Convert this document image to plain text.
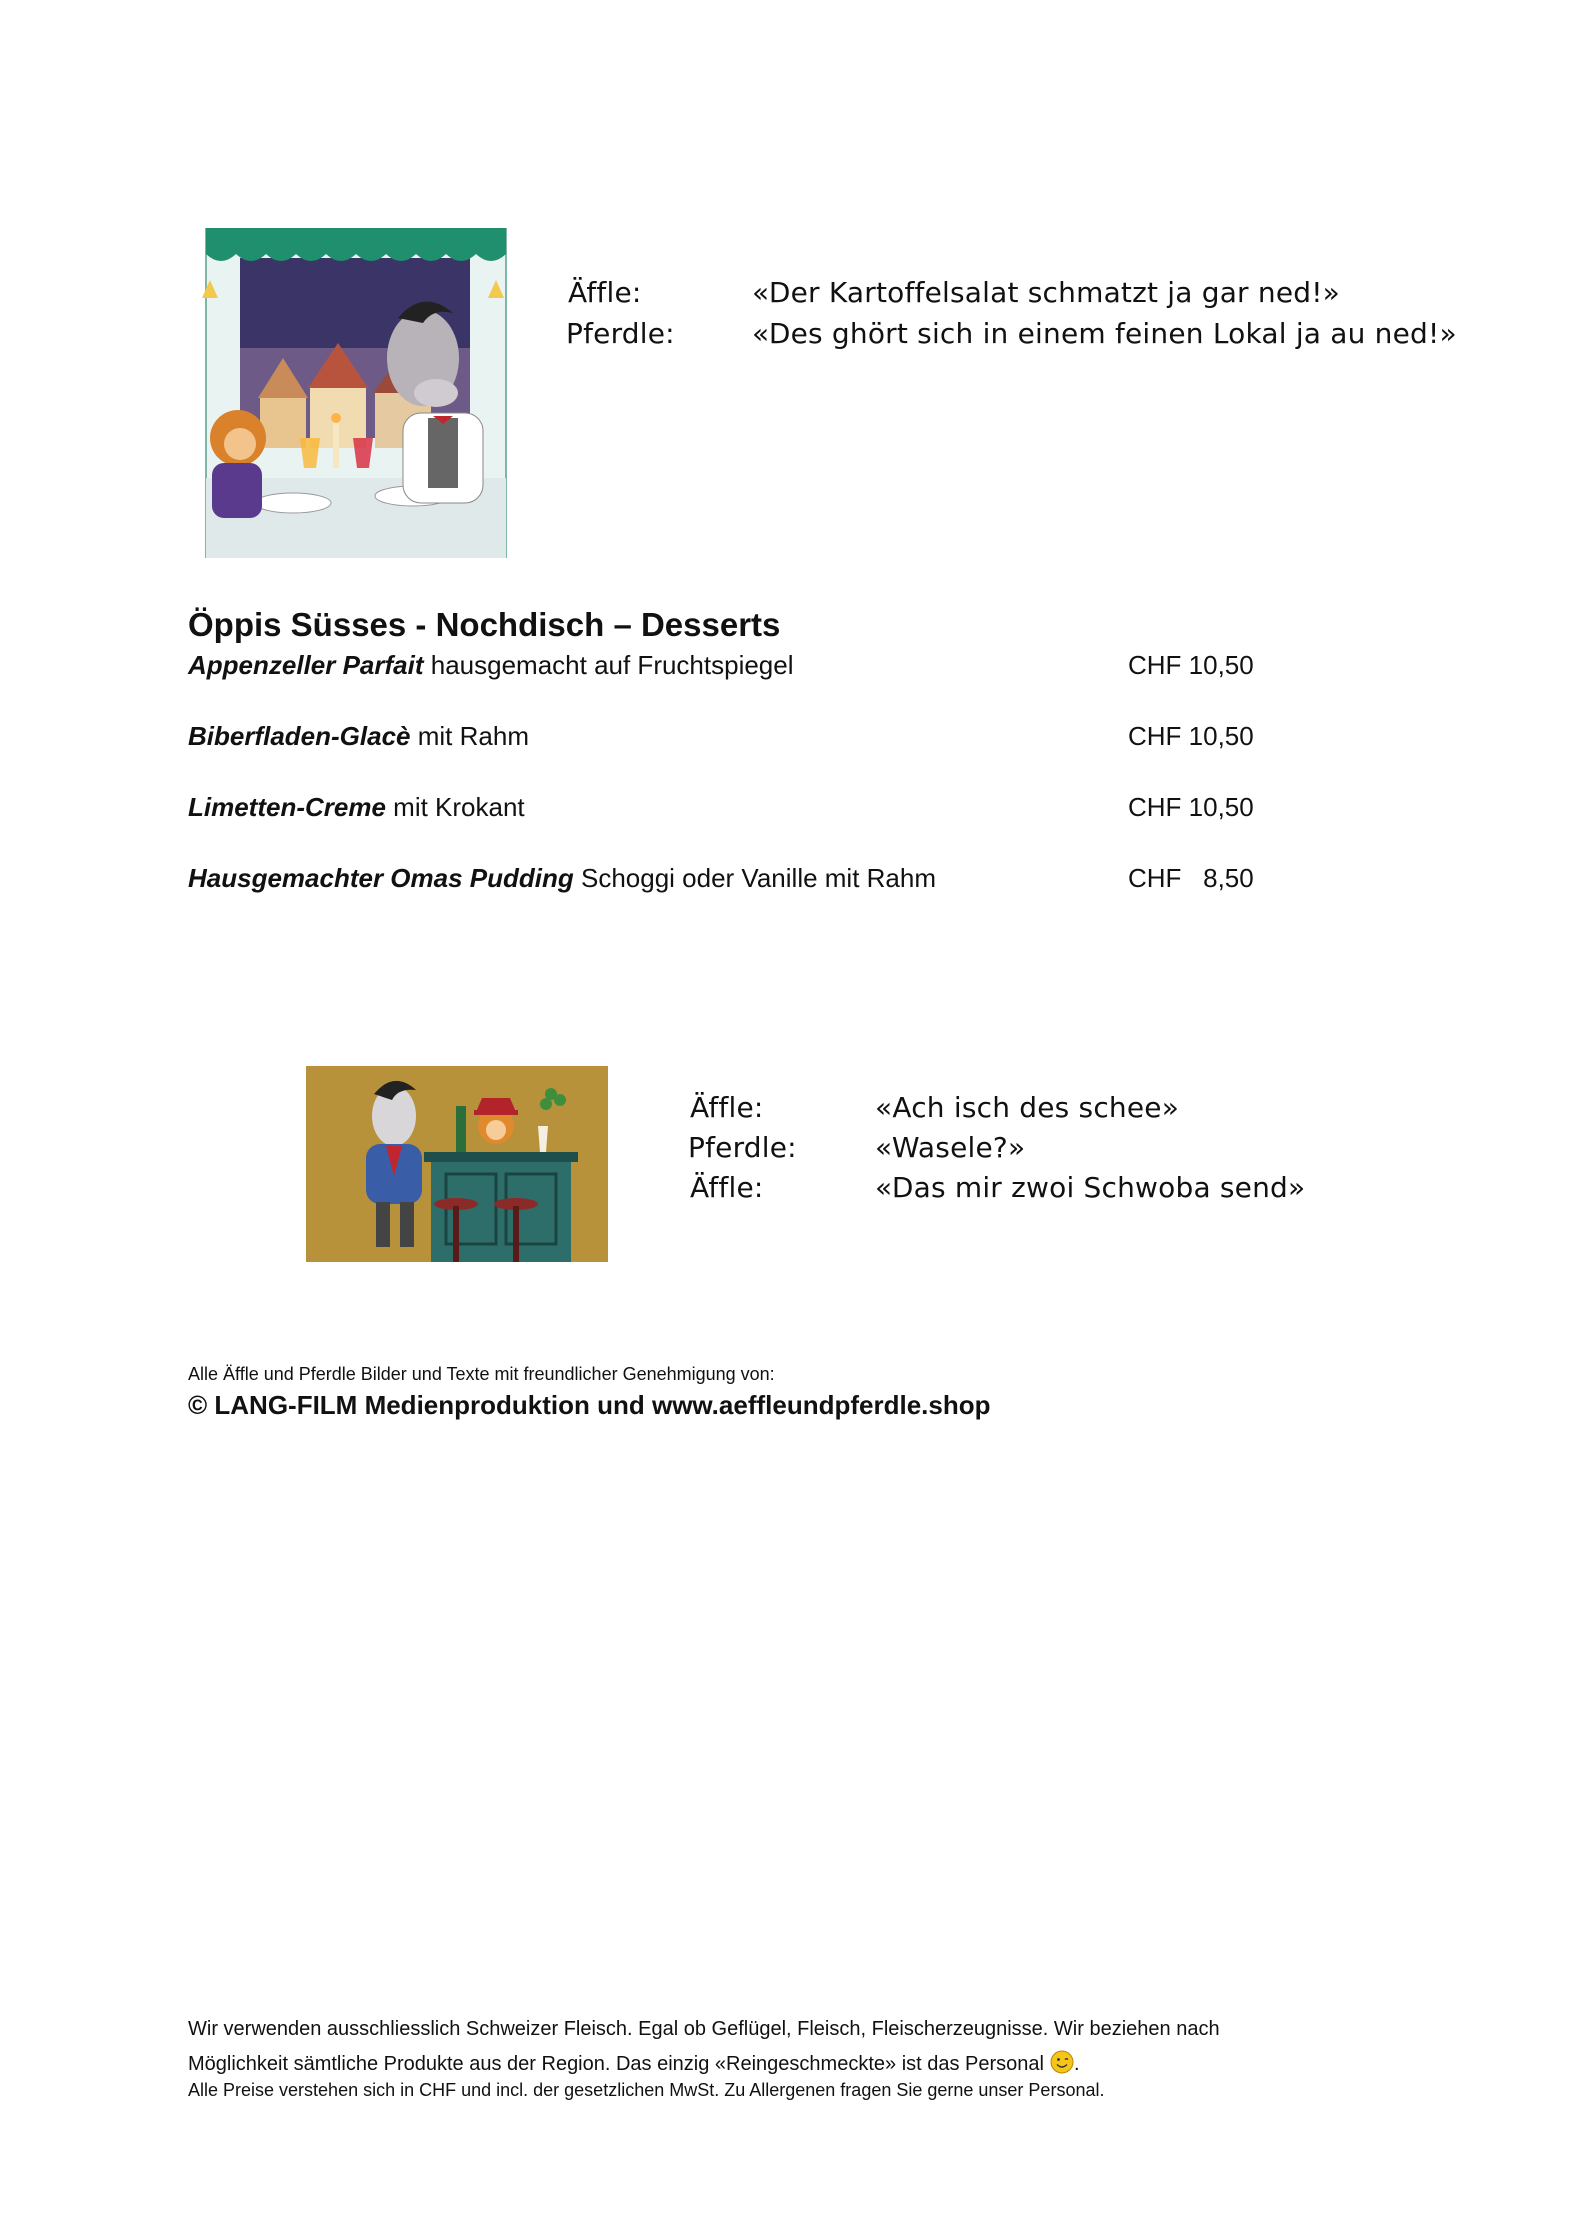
Äffle:	«Der Kartoffelsalat schmatzt ja gar ned!»
Pferdle:	«Des ghört sich in einem feinen Lokal ja au ned!»
Öppis Süsses - Nochdisch – Desserts
Appenzeller Parfait hausgemacht auf Fruchtspiegel	CHF 10,50
Biberfladen-Glacè mit Rahm	CHF 10,50
Limetten-Creme mit Krokant	CHF 10,50
Hausgemachter Omas Pudding Schoggi oder Vanille mit Rahm	CHF   8,50
Äffle:	«Ach isch des schee»
Pferdle:	«Wasele?»
Äffle:	«Das mir zwoi Schwoba send»
Alle Äffle und Pferdle Bilder und Texte mit freundlicher Genehmigung von:
© LANG-FILM Medienproduktion und www.aeffleundpferdle.shop
Wir verwenden ausschliesslich Schweizer Fleisch. Egal ob Geflügel, Fleisch, Fleischerzeugnisse. Wir beziehen nach
Möglichkeit sämtliche Produkte aus der Region. Das einzig «Reingeschmeckte» ist das Personal .
Alle Preise verstehen sich in CHF und incl. der gesetzlichen MwSt. Zu Allergenen fragen Sie gerne unser Personal.
